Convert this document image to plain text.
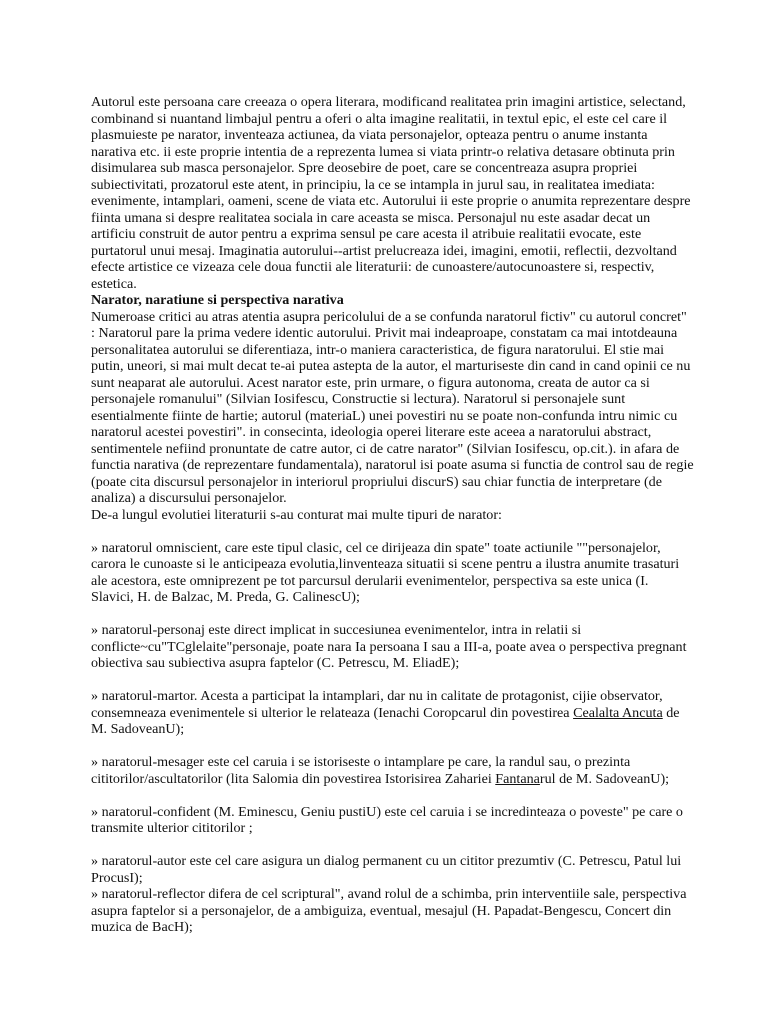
Autorul este persoana care creeaza o opera literara, modificand realitatea prin imagini artistice, selectand, combinand si nuantand limbajul pentru a oferi o alta imagine realitatii, in textul epic, el este cel care il plasmuieste pe narator, inventeaza actiunea, da viata personajelor, opteaza pentru o anume instanta narativa etc. ii este proprie intentia de a reprezenta lumea si viata printr-o relativa detasare obtinuta prin disimularea sub masca personajelor. Spre deosebire de poet, care se concentreaza asupra propriei subiectivitati, prozatorul este atent, in principiu, la ce se intampla in jurul sau, in realitatea imediata: evenimente, intamplari, oameni, scene de viata etc. Autorului ii este proprie o anumita reprezentare despre fiinta umana si despre realitatea sociala in care aceasta se misca. Personajul nu este asadar decat un artificiu construit de autor pentru a exprima sensul pe care acesta il atribuie realitatii evocate, este purtatorul unui mesaj. Imaginatia autorului--artist prelucreaza idei, imagini, emotii, reflectii, dezvoltand efecte artistice ce vizeaza cele doua functii ale literaturii: de cunoastere/autocunoastere si, respectiv, estetica.

Narator, naratiune si perspectiva narativa

Numeroase critici au atras atentia asupra pericolului de a se confunda naratorul fictiv" cu autorul concret" : Naratorul pare la prima vedere identic autorului. Privit mai indeaproape, constatam ca mai intotdeauna personalitatea autorului se diferentiaza, intr-o maniera caracteristica, de figura naratorului. El stie mai putin, uneori, si mai mult decat te-ai putea astepta de la autor, el marturiseste din cand in cand opinii ce nu sunt neaparat ale autorului. Acest narator este, prin urmare, o figura autonoma, creata de autor ca si personajele romanului" (Silvian Iosifescu, Constructie si lectura). Naratorul si personajele sunt esentialmente fiinte de hartie; autorul (materiaL) unei povestiri nu se poate non-confunda intru nimic cu naratorul acestei povestiri". in consecinta, ideologia operei literare este aceea a naratorului abstract, sentimentele nefiind pronuntate de catre autor, ci de catre narator" (Silvian Iosifescu, op.cit.). in afara de functia narativa (de reprezentare fundamentala), naratorul isi poate asuma si functia de control sau de regie (poate cita discursul personajelor in interiorul propriului discurS) sau chiar functia de interpretare (de analiza) a discursului personajelor.

De-a lungul evolutiei literaturii s-au conturat mai multe tipuri de narator:

» naratorul omniscient, care este tipul clasic, cel ce dirijeaza din spate" toate actiunile ""personajelor, carora le cunoaste si le anticipeaza evolutia,linventeaza situatii si scene pentru a ilustra anumite trasaturi ale acestora, este omniprezent pe tot parcursul derularii evenimentelor, perspectiva sa este unica (I. Slavici, H. de Balzac, M. Preda, G. CalinescU);

» naratorul-personaj este direct implicat in succesiunea evenimentelor, intra in relatii si conflicte~cu"TCglelaite"personaje, poate nara Ia persoana I sau a III-a, poate avea o perspectiva pregnant obiectiva sau subiectiva asupra faptelor (C. Petrescu, M. EliadE);

» naratorul-martor. Acesta a participat la intamplari, dar nu in calitate de protagonist, cijie observator, consemneaza evenimentele si ulterior le relateaza (Ienachi Coropcarul din povestirea Cealalta Ancuta de M. SadoveanU);

» naratorul-mesager este cel caruia i se istoriseste o intamplare pe care, la randul sau, o prezinta cititorilor/ascultatorilor (lita Salomia din povestirea Istorisirea Zahariei Fantanarul de M. SadoveanU);

» naratorul-confident (M. Eminescu, Geniu pustiU) este cel caruia i se incredinteaza o poveste" pe care o transmite ulterior cititorilor ;

» naratorul-autor este cel care asigura un dialog permanent cu un cititor prezumtiv (C. Petrescu, Patul lui ProcusI);

» naratorul-reflector difera de cel scriptural", avand rolul de a schimba, prin interventiile sale, perspectiva asupra faptelor si a personajelor, de a ambiguiza, eventual, mesajul (H. Papadat-Bengescu, Concert din muzica de BacH);
